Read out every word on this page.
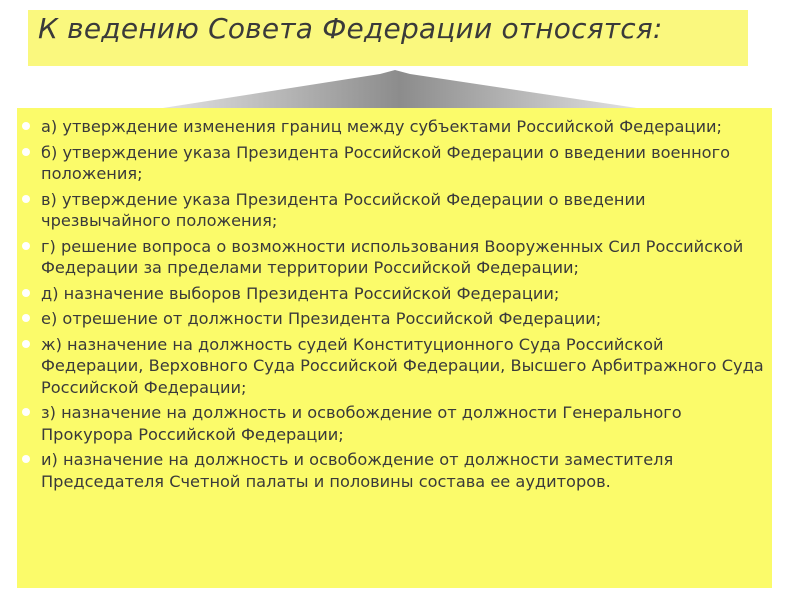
К ведению Совета Федерации относятся:
а) утверждение изменения границ между субъектами Российской Федерации;
б) утверждение указа Президента Российской Федерации о введении военного положения;
в) утверждение указа Президента Российской Федерации о введении чрезвычайного положения;
г) решение вопроса о возможности использования Вооруженных Сил Российской Федерации за пределами территории Российской Федерации;
д) назначение выборов Президента Российской Федерации;
е) отрешение от должности Президента Российской Федерации;
ж) назначение на должность судей Конституционного Суда Российской Федерации, Верховного Суда Российской Федерации, Высшего Арбитражного Суда Российской Федерации;
з) назначение на должность и освобождение от должности Генерального Прокурора Российской Федерации;
и) назначение на должность и освобождение от должности заместителя Председателя Счетной палаты и половины состава ее аудиторов.
